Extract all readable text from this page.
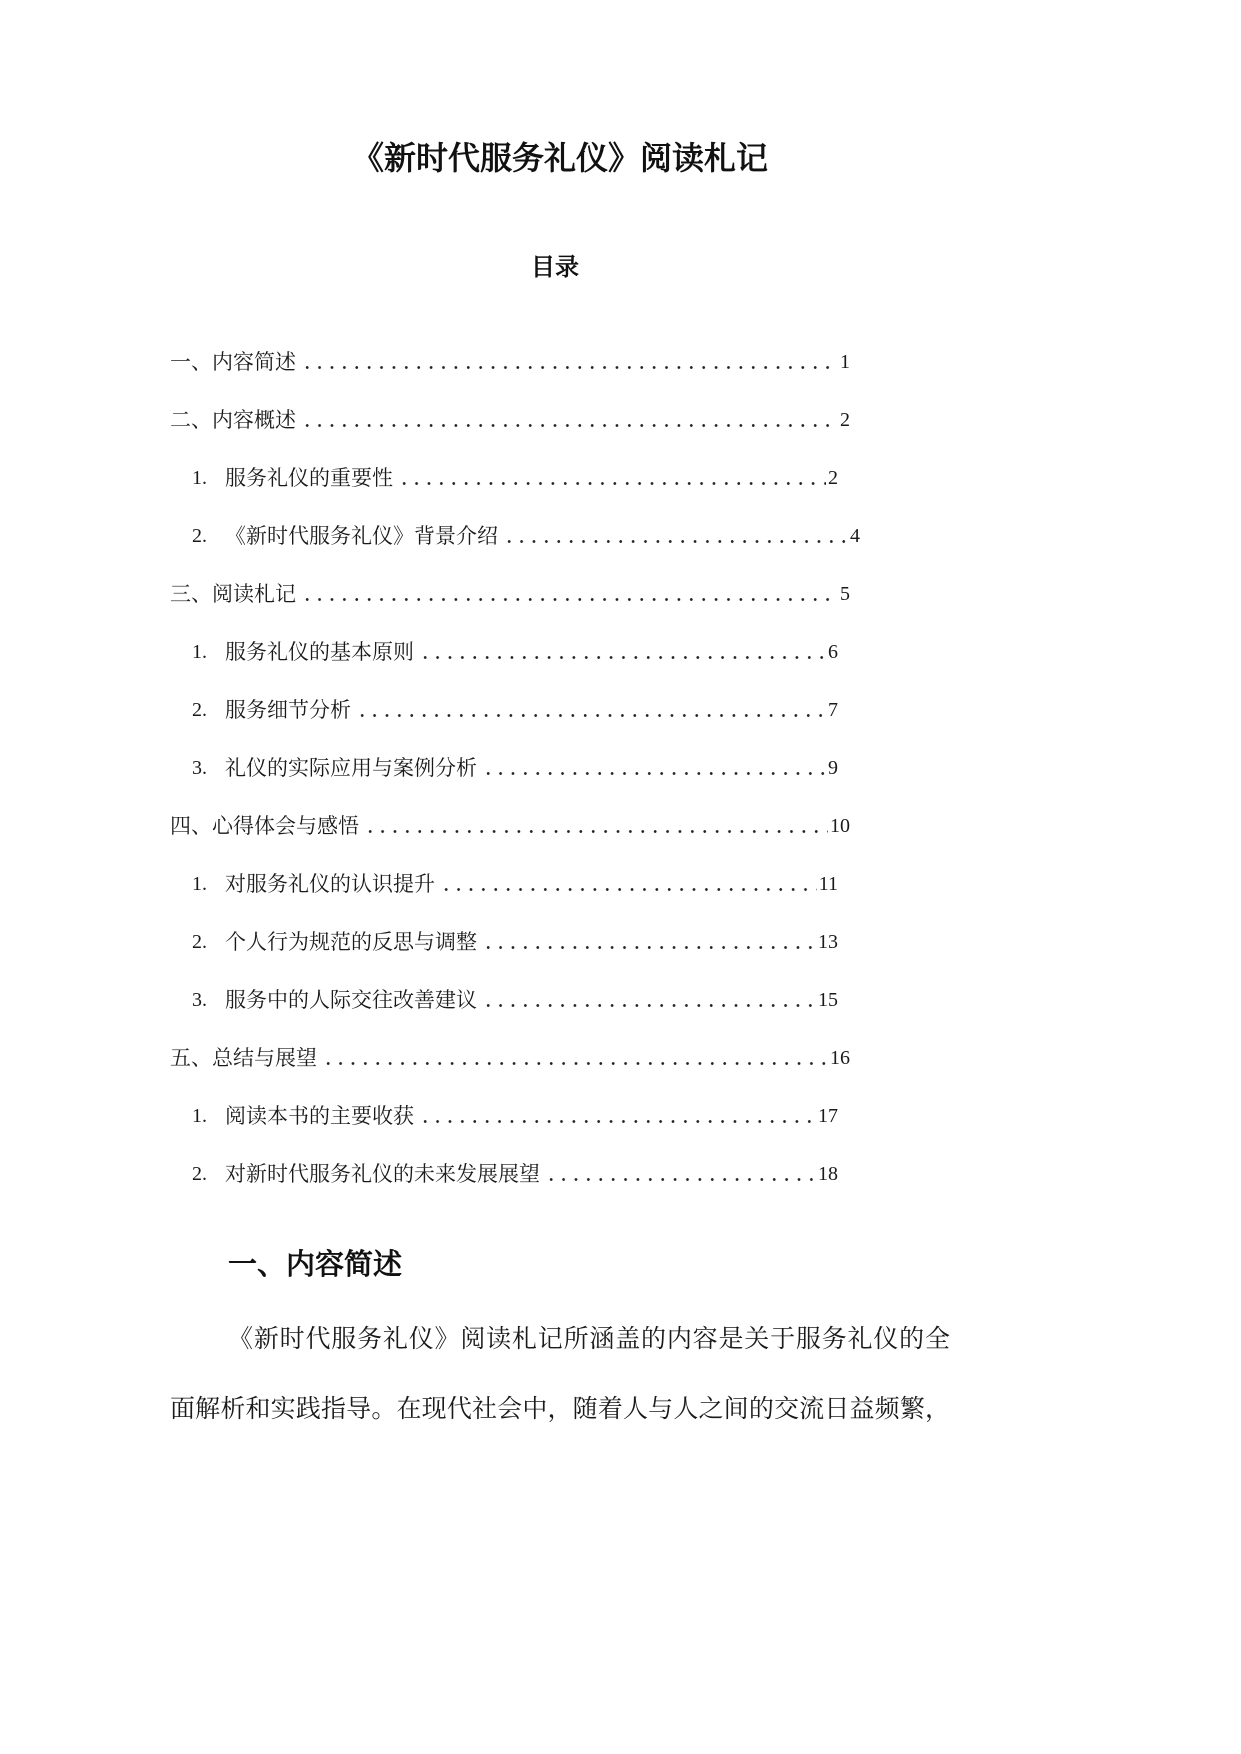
《新时代服务礼仪》阅读札记
目录
一、内容简述	1
二、内容概述	2
1. 服务礼仪的重要性	2
2. 《新时代服务礼仪》背景介绍	4
三、阅读札记	5
1. 服务礼仪的基本原则	6
2. 服务细节分析	7
3. 礼仪的实际应用与案例分析	9
四、心得体会与感悟	10
1. 对服务礼仪的认识提升	11
2. 个人行为规范的反思与调整	13
3. 服务中的人际交往改善建议	15
五、总结与展望	16
1. 阅读本书的主要收获	17
2. 对新时代服务礼仪的未来发展展望	18
一、内容简述
《新时代服务礼仪》阅读札记所涵盖的内容是关于服务礼仪的全
面解析和实践指导。在现代社会中，随着人与人之间的交流日益频繁，
